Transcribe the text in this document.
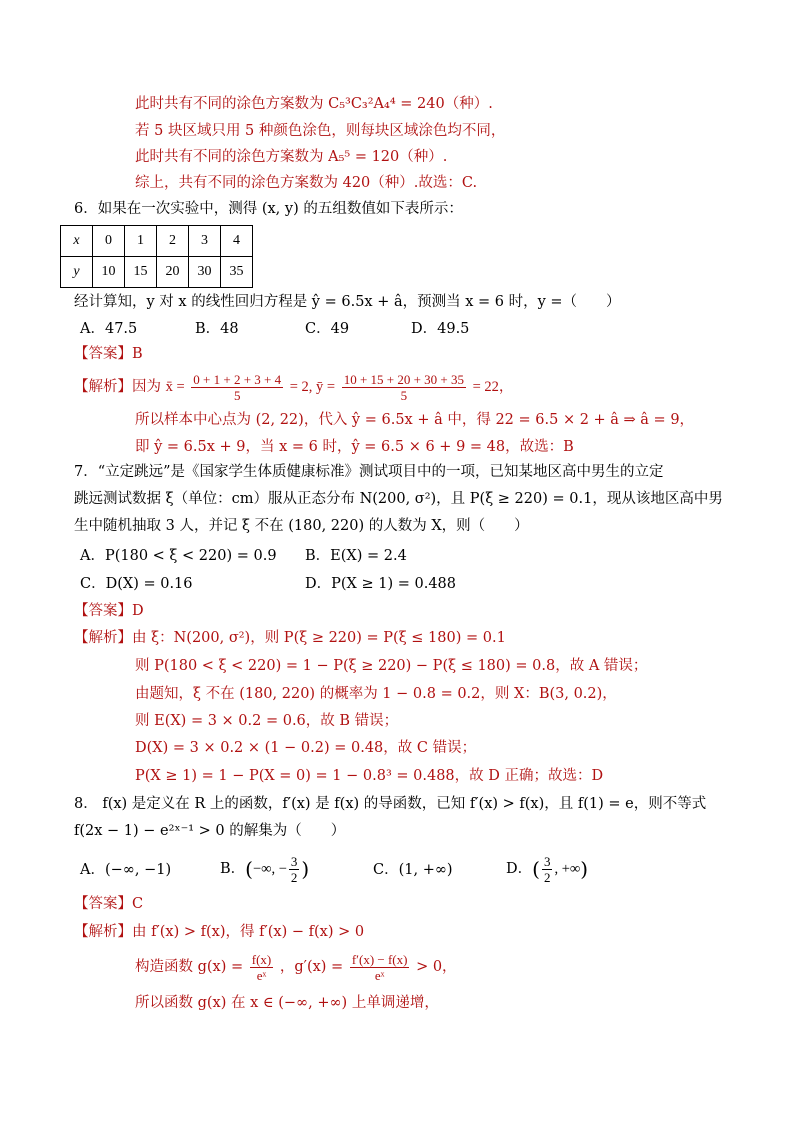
此时共有不同的涂色方案数为 C₅³C₃²A₄⁴ = 240（种）.
若 5 块区域只用 5 种颜色涂色，则每块区域涂色均不同，
此时共有不同的涂色方案数为 A₅⁵ = 120（种）.
综上，共有不同的涂色方案数为 420（种）.故选：C.
6．如果在一次实验中，测得 (x, y) 的五组数值如下表所示：
x	0	1	2	3	4
y	10	15	20	30	35
经计算知，y 对 x 的线性回归方程是 ŷ = 6.5x + â，预测当 x = 6 时，y =（　　）
A．47.5	B．48	C．49	D．49.5
【答案】B
【解析】因为 x̄ = $\frac{0 + 1 + 2 + 3 + 4}{5} = 2$, ȳ = $\frac{10 + 15 + 20 + 30 + 35}{5} = 22$，
所以样本中心点为 (2, 22)，代入 ŷ = 6.5x + â 中，得 22 = 6.5 × 2 + â ⇒ â = 9，
即 ŷ = 6.5x + 9，当 x = 6 时，ŷ = 6.5 × 6 + 9 = 48，故选：B
7．“立定跳远”是《国家学生体质健康标准》测试项目中的一项，已知某地区高中男生的立定
跳远测试数据 ξ（单位：cm）服从正态分布 N(200, σ²)，且 P(ξ ≥ 220) = 0.1，现从该地区高中男
生中随机抽取 3 人，并记 ξ 不在 (180, 220) 的人数为 X，则（　　）
A．P(180 < ξ < 220) = 0.9 B．E(X) = 2.4
C．D(X) = 0.16	D．P(X ≥ 1) = 0.488
【答案】D
【解析】由 ξ：N(200, σ²)，则 P(ξ ≥ 220) = P(ξ ≤ 180) = 0.1
则 P(180 < ξ < 220) = 1 − P(ξ ≥ 220) − P(ξ ≤ 180) = 0.8，故 A 错误；
由题知，ξ 不在 (180, 220) 的概率为 1 − 0.8 = 0.2，则 X：B(3, 0.2)，
则 E(X) = 3 × 0.2 = 0.6，故 B 错误；
D(X) = 3 × 0.2 × (1 − 0.2) = 0.48，故 C 错误；
P(X ≥ 1) = 1 − P(X = 0) = 1 − 0.8³ = 0.488，故 D 正确；故选：D
8． f(x) 是定义在 R 上的函数，f′(x) 是 f(x) 的导函数，已知 f′(x) > f(x)，且 f(1) = e，则不等式
f(2x − 1) − e²ˣ⁻¹ > 0 的解集为（　　）
A．(−∞, −1)	B．(−∞, − $\frac{3}{2}$ )	C．(1, +∞)	D．( $\frac{3}{2}$ , +∞)
【答案】C
【解析】由 f′(x) > f(x)，得 f′(x) − f(x) > 0
构造函数 $g(x) = \frac{f(x)}{\text{eˣ}}$ ，$g'(x) = \frac{f'(x) - f(x)}{\text{eˣ}} > 0$，
所以函数 g(x) 在 x ∈ (−∞, +∞) 上单调递增，
